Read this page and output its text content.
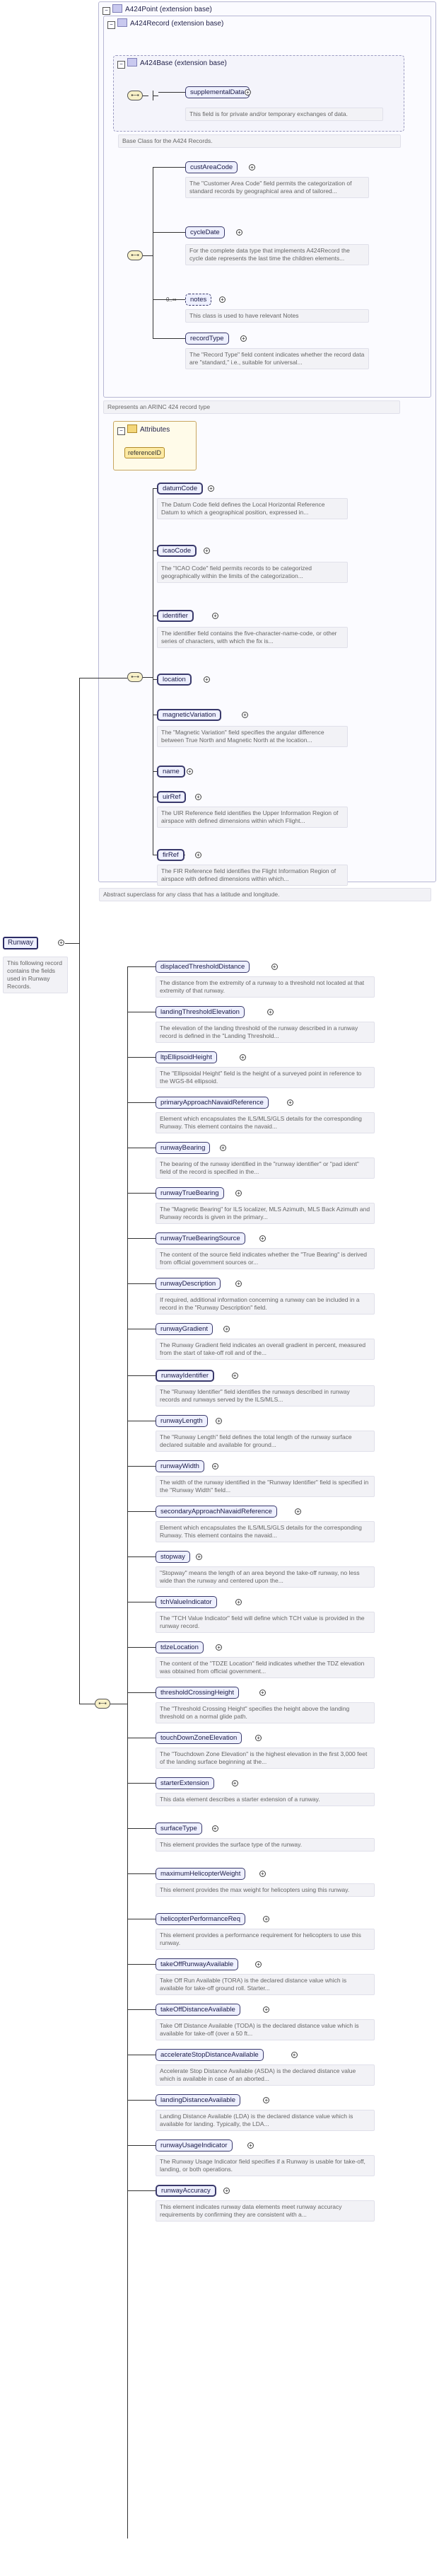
− A424Point (extension base)
− A424Record (extension base)
− A424Base (extension base)
▪─▪	supplementalData +
This field is for private and/or temporary exchanges of data.
Base Class for the A424 Records.
▪─▪
custAreaCode	+
The "Customer Area Code" field permits the categorization of standard records by geographical area and of tailored...
cycleDate	+
For the complete data type that implements A424Record the cycle date represents the last time the children elements...
notes	+
0..∞
This class is used to have relevant Notes
recordType	+
The "Record Type" field content indicates whether the record data are "standard," i.e., suitable for universal...
Represents an ARINC 424 record type
− Attributes
referenceID
▪─▪
datumCode	+
The Datum Code field defines the Local Horizontal Reference Datum to which a geographical position, expressed in...
icaoCode	+
The "ICAO Code" field permits records to be categorized geographically within the limits of the categorization...
identifier	+
The identifier field contains the five-character-name-code, or other series of characters, with which the fix is...
location	+
magneticVariation	+
The "Magnetic Variation" field specifies the angular difference between True North and Magnetic North at the location...
name	+
uirRef	+
The UIR Reference field identifies the Upper Information Region of airspace with defined dimensions within which Flight...
firRef	+
The FIR Reference field identifies the Flight Information Region of airspace with defined dimensions within which...
Abstract superclass for any class that has a latitude and longitude.
Runway	+
This following record contains the fields used in Runway Records.
▪─▪
displacedThresholdDistance	+
The distance from the extremity of a runway to a threshold not located at that extremity of that runway.
landingThresholdElevation	+
The elevation of the landing threshold of the runway described in a runway record is defined in the "Landing Threshold...
ltpEllipsoidHeight	+
The "Ellipsoidal Height" field is the height of a surveyed point in reference to the WGS-84 ellipsoid.
primaryApproachNavaidReference	+
Element which encapsulates the ILS/MLS/GLS details for the corresponding Runway. This element contains the navaid...
runwayBearing	+
The bearing of the runway identified in the "runway identifier" or "pad ident" field of the record is specified in the...
runwayTrueBearing	+
The "Magnetic Bearing" for ILS localizer, MLS Azimuth, MLS Back Azimuth and Runway records is given in the primary...
runwayTrueBearingSource	+
The content of the source field indicates whether the "True Bearing" is derived from official government sources or...
runwayDescription	+
If required, additional information concerning a runway can be included in a record in the "Runway Description" field.
runwayGradient	+
The Runway Gradient field indicates an overall gradient in percent, measured from the start of take-off roll and of the...
runwayIdentifier	+
The "Runway Identifier" field identifies the runways described in runway records and runways served by the ILS/MLS...
runwayLength	+
The "Runway Length" field defines the total length of the runway surface declared suitable and available for ground...
runwayWidth	+
The width of the runway identified in the "Runway Identifier" field is specified in the "Runway Width" field...
secondaryApproachNavaidReference	+
Element which encapsulates the ILS/MLS/GLS details for the corresponding Runway. This element contains the navaid...
stopway	+
"Stopway" means the length of an area beyond the take-off runway, no less wide than the runway and centered upon the...
tchValueIndicator	+
The "TCH Value Indicator" field will define which TCH value is provided in the runway record.
tdzeLocation	+
The content of the "TDZE Location" field indicates whether the TDZ elevation was obtained from official government...
thresholdCrossingHeight	+
The "Threshold Crossing Height" specifies the height above the landing threshold on a normal glide path.
touchDownZoneElevation	+
The "Touchdown Zone Elevation" is the highest elevation in the first 3,000 feet of the landing surface beginning at the...
starterExtension	+
This data element describes a starter extension of a runway.
surfaceType	+
This element provides the surface type of the runway.
maximumHelicopterWeight	+
This element provides the max weight for helicopters using this runway.
helicopterPerformanceReq	+
This element provides a performance requirement for helicopters to use this runway.
takeOffRunwayAvailable	+
Take Off Run Available (TORA) is the declared distance value which is available for take-off ground roll. Starter...
takeOffDistanceAvailable	+
Take Off Distance Available (TODA) is the declared distance value which is available for take-off (over a 50 ft...
accelerateStopDistanceAvailable	+
Accelerate Stop Distance Available (ASDA) is the declared distance value which is available in case of an aborted...
landingDistanceAvailable	+
Landing Distance Available (LDA) is the declared distance value which is available for landing. Typically, the LDA...
runwayUsageIndicator	+
The Runway Usage Indicator field specifies if a Runway is usable for take-off, landing, or both operations.
runwayAccuracy	+
This element indicates runway data elements meet runway accuracy requirements by confirming they are consistent with a...
